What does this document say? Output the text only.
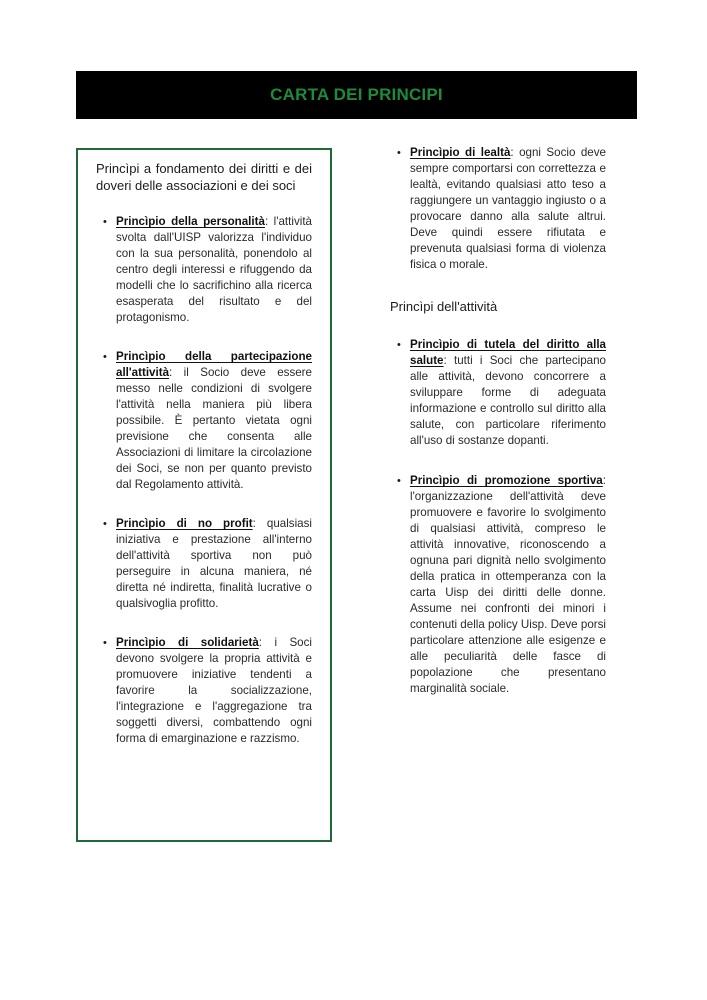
CARTA DEI PRINCIPI
Princìpi a fondamento dei diritti e dei doveri delle associazioni e dei soci
• Princìpio della personalità: l'attività svolta dall'UISP valorizza l'individuo con la sua personalità, ponendolo al centro degli interessi e rifuggendo da modelli che lo sacrifichino alla ricerca esasperata del risultato e del protagonismo.
• Princìpio della partecipazione all'attività: il Socio deve essere messo nelle condizioni di svolgere l'attività nella maniera più libera possibile. È pertanto vietata ogni previsione che consenta alle Associazioni di limitare la circolazione dei Soci, se non per quanto previsto dal Regolamento attività.
• Princìpio di no profit: qualsiasi iniziativa e prestazione all'interno dell'attività sportiva non può perseguire in alcuna maniera, né diretta né indiretta, finalità lucrative o qualsivoglia profitto.
• Princìpio di solidarietà: i Soci devono svolgere la propria attività e promuovere iniziative tendenti a favorire la socializzazione, l'integrazione e l'aggregazione tra soggetti diversi, combattendo ogni forma di emarginazione e razzismo.
• Princìpio di lealtà: ogni Socio deve sempre comportarsi con correttezza e lealtà, evitando qualsiasi atto teso a raggiungere un vantaggio ingiusto o a provocare danno alla salute altrui. Deve quindi essere rifiutata e prevenuta qualsiasi forma di violenza fisica o morale.
Princìpi dell'attività
• Princìpio di tutela del diritto alla salute: tutti i Soci che partecipano alle attività, devono concorrere a sviluppare forme di adeguata informazione e controllo sul diritto alla salute, con particolare riferimento all'uso di sostanze dopanti.
• Princìpio di promozione sportiva: l'organizzazione dell'attività deve promuovere e favorire lo svolgimento di qualsiasi attività, compreso le attività innovative, riconoscendo a ognuna pari dignità nello svolgimento della pratica in ottemperanza con la carta Uisp dei diritti delle donne. Assume nei confronti dei minori i contenuti della policy Uisp. Deve porsi particolare attenzione alle esigenze e alle peculiarità delle fasce di popolazione che presentano marginalità sociale.
